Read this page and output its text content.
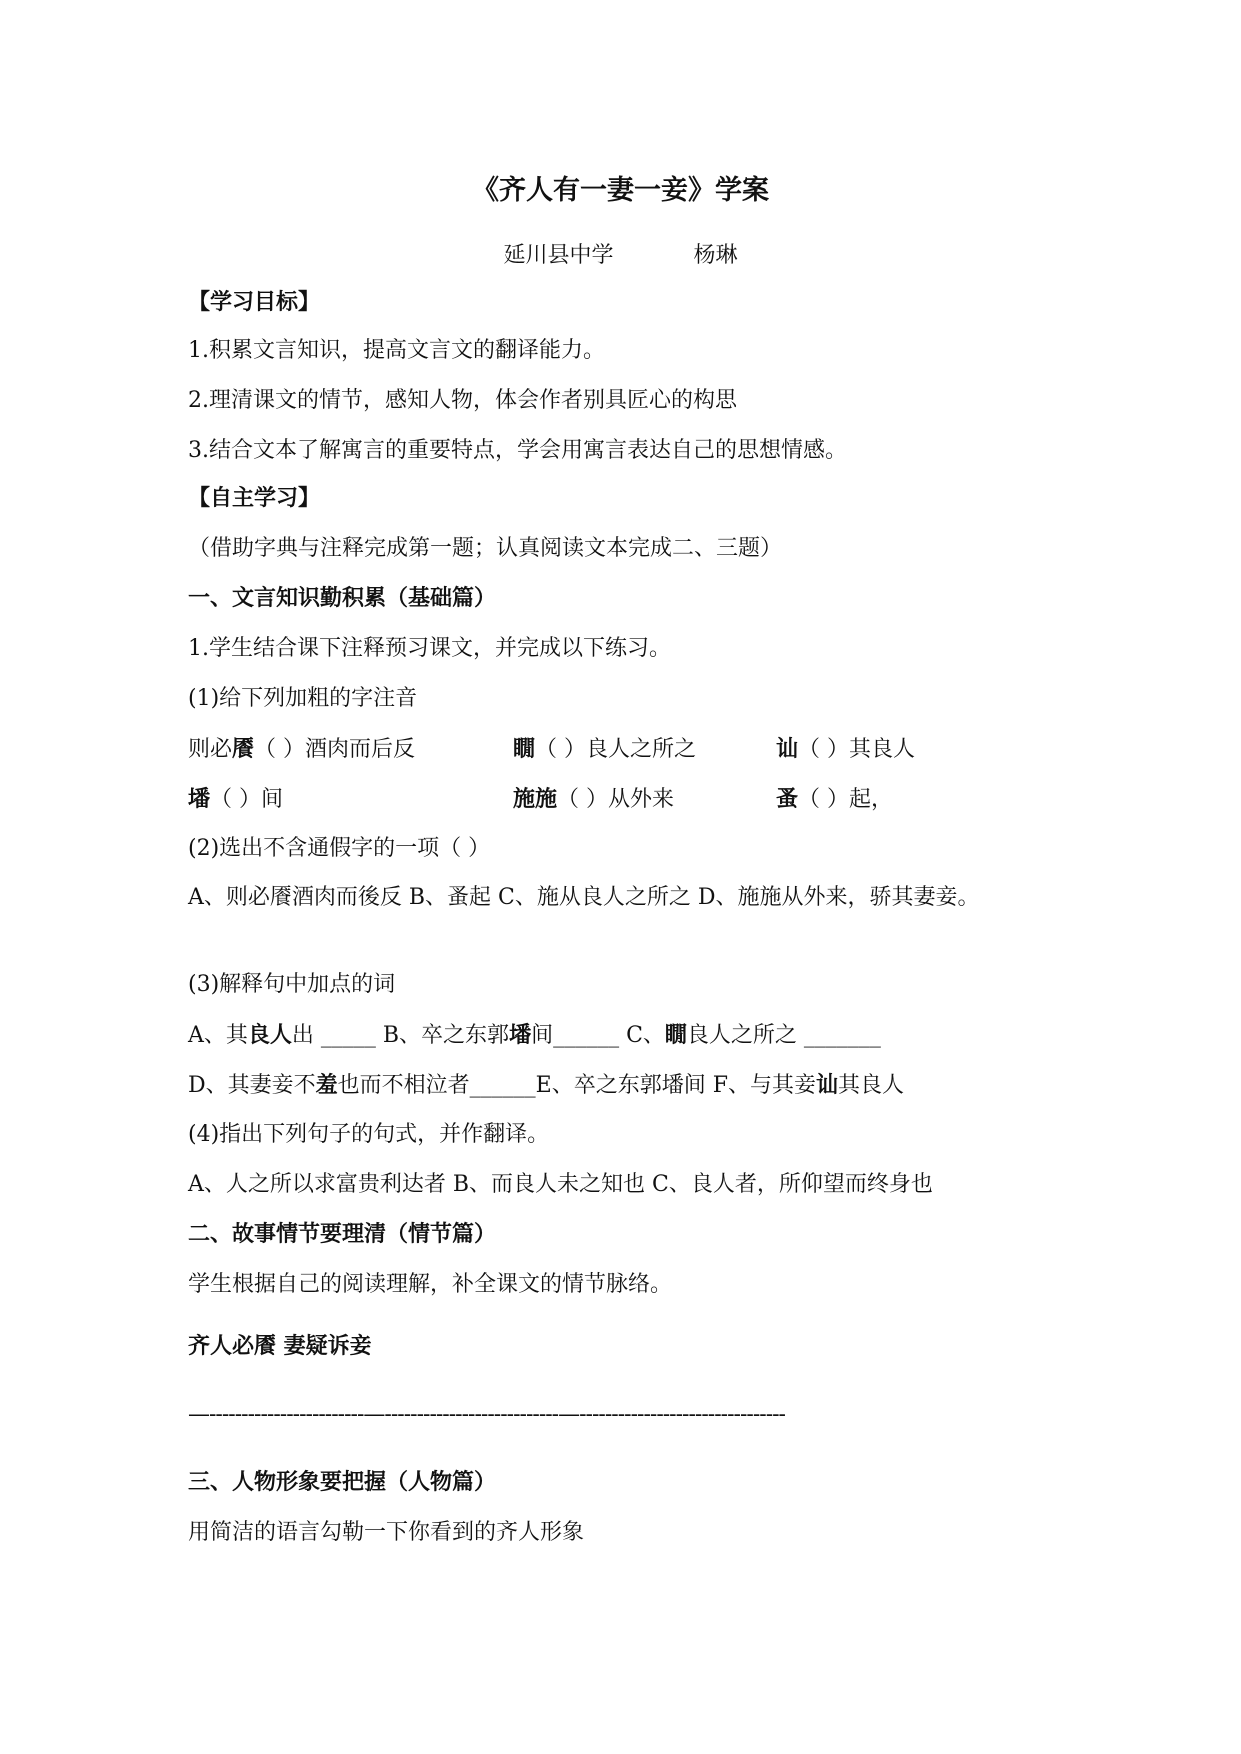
《齐人有一妻一妾》学案
延川县中学	杨琳
【学习目标】
1.积累文言知识，提高文言文的翻译能力。
2.理清课文的情节，感知人物，体会作者别具匠心的构思
3.结合文本了解寓言的重要特点，学会用寓言表达自己的思想情感。
【自主学习】
（借助字典与注释完成第一题；认真阅读文本完成二、三题）
一、文言知识勤积累（基础篇）
1.学生结合课下注释预习课文，并完成以下练习。
(1)给下列加粗的字注音
则必餍（ ）酒肉而后反	瞯（ ）良人之所之	讪（ ）其良人
墦（ ）间	施施（ ）从外来	蚤（ ）起，
(2)选出不含通假字的一项（ ）
A、则必餍酒肉而後反 B、蚤起 C、施从良人之所之 D、施施从外来，骄其妻妾。
(3)解释句中加点的词
A、其良人出 _____ B、卒之东郭墦间______ C、瞯良人之所之 _______
D、其妻妾不羞也而不相泣者______E、卒之东郭墦间 F、与其妾讪其良人
(4)指出下列句子的句式，并作翻译。
A、人之所以求富贵利达者 B、而良人未之知也 C、良人者，所仰望而终身也
二、故事情节要理清（情节篇）
学生根据自己的阅读理解，补全课文的情节脉络。
齐人必餍 妻疑诉妾
—------------------------—---------------------------—--------------------------------
三、人物形象要把握（人物篇）
用简洁的语言勾勒一下你看到的齐人形象
